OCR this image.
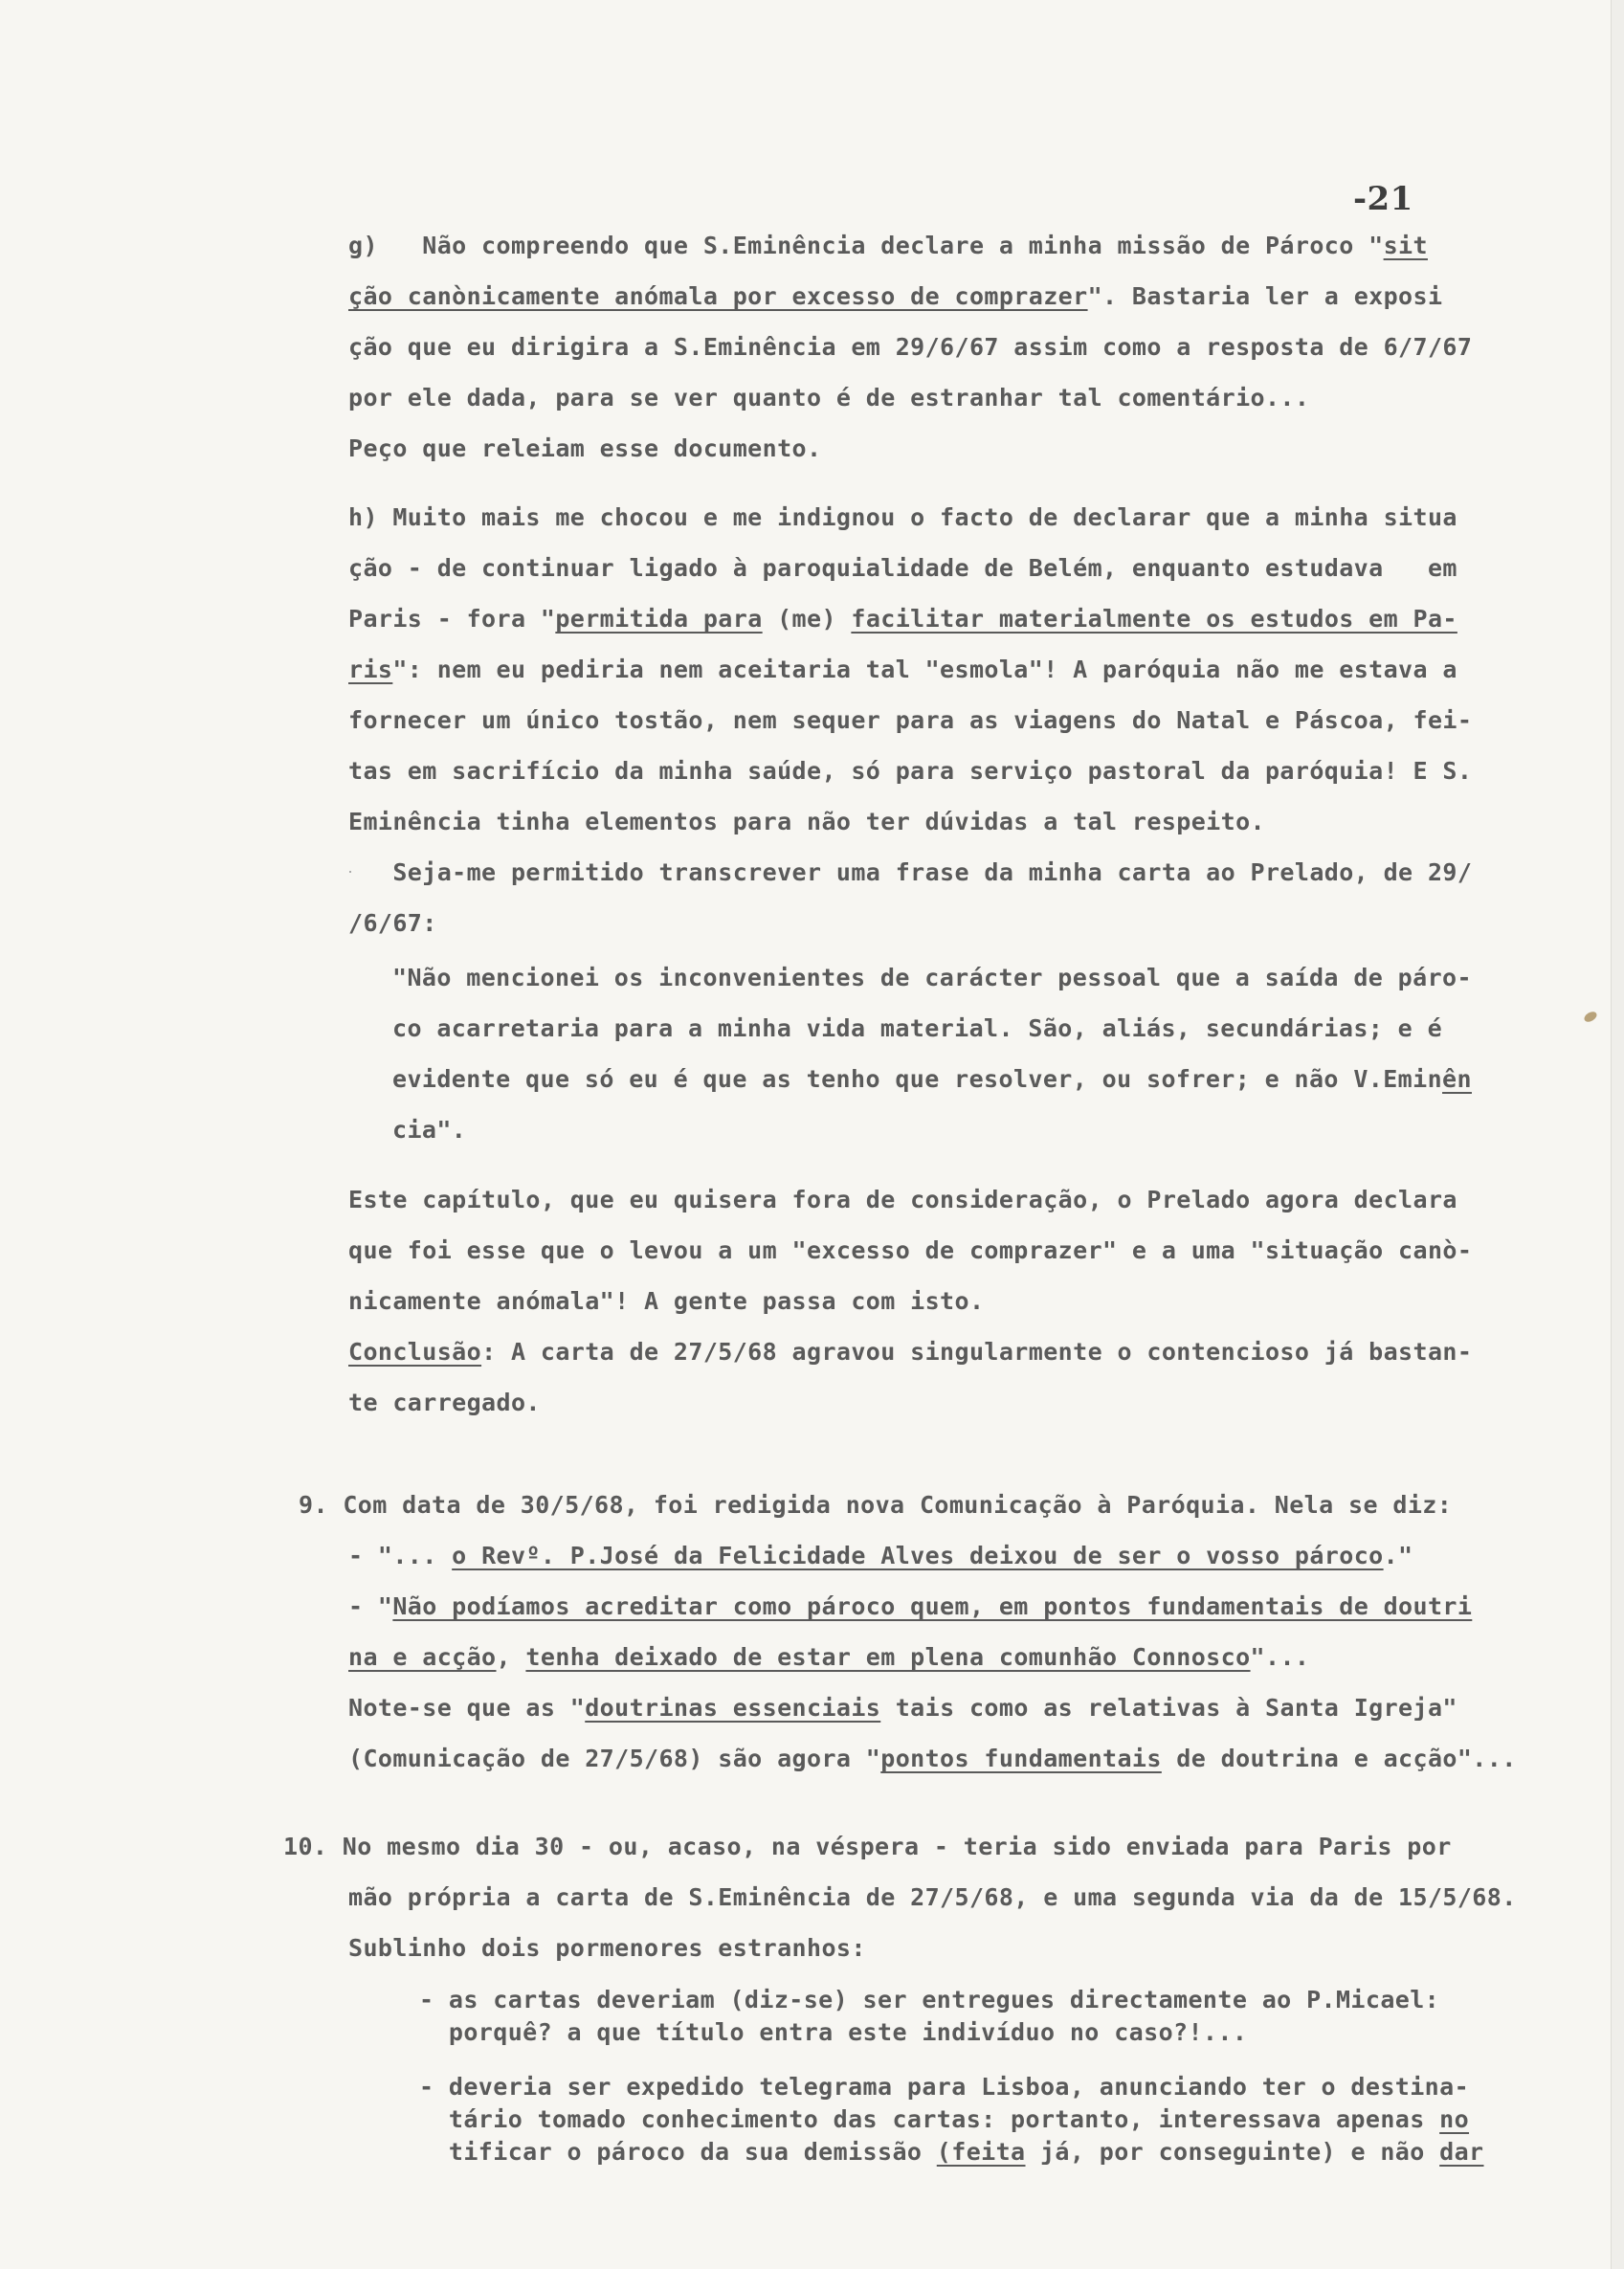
-21
g)   Não compreendo que S.Eminência declare a minha missão de Pároco "sit
ção canònicamente anómala por excesso de comprazer". Bastaria ler a exposi
ção que eu dirigira a S.Eminência em 29/6/67 assim como a resposta de 6/7/67
por ele dada, para se ver quanto é de estranhar tal comentário...
Peço que releiam esse documento.
h) Muito mais me chocou e me indignou o facto de declarar que a minha situa
ção - de continuar ligado à paroquialidade de Belém, enquanto estudava   em
Paris - fora "permitida para (me) facilitar materialmente os estudos em Pa-
ris": nem eu pediria nem aceitaria tal "esmola"! A paróquia não me estava a
fornecer um único tostão, nem sequer para as viagens do Natal e Páscoa, fei-
tas em sacrifício da minha saúde, só para serviço pastoral da paróquia! E S.
Eminência tinha elementos para não ter dúvidas a tal respeito.
Seja-me permitido transcrever uma frase da minha carta ao Prelado, de 29/
/6/67:
"Não mencionei os inconvenientes de carácter pessoal que a saída de páro-
co acarretaria para a minha vida material. São, aliás, secundárias; e é
evidente que só eu é que as tenho que resolver, ou sofrer; e não V.Eminên
cia".
Este capítulo, que eu quisera fora de consideração, o Prelado agora declara
que foi esse que o levou a um "excesso de comprazer" e a uma "situação canò-
nicamente anómala"! A gente passa com isto.
Conclusão: A carta de 27/5/68 agravou singularmente o contencioso já bastan-
te carregado.
9. Com data de 30/5/68, foi redigida nova Comunicação à Paróquia. Nela se diz:
- "... o Revº. P.José da Felicidade Alves deixou de ser o vosso pároco."
- "Não podíamos acreditar como pároco quem, em pontos fundamentais de doutri
na e acção, tenha deixado de estar em plena comunhão Connosco"...
Note-se que as "doutrinas essenciais tais como as relativas à Santa Igreja"
(Comunicação de 27/5/68) são agora "pontos fundamentais de doutrina e acção"...
10. No mesmo dia 30 - ou, acaso, na véspera - teria sido enviada para Paris por
mão própria a carta de S.Eminência de 27/5/68, e uma segunda via da de 15/5/68.
Sublinho dois pormenores estranhos:
- as cartas deveriam (diz-se) ser entregues directamente ao P.Micael:
porquê? a que título entra este indivíduo no caso?!...
- deveria ser expedido telegrama para Lisboa, anunciando ter o destina-
tário tomado conhecimento das cartas: portanto, interessava apenas no
tificar o pároco da sua demissão (feita já, por conseguinte) e não dar
